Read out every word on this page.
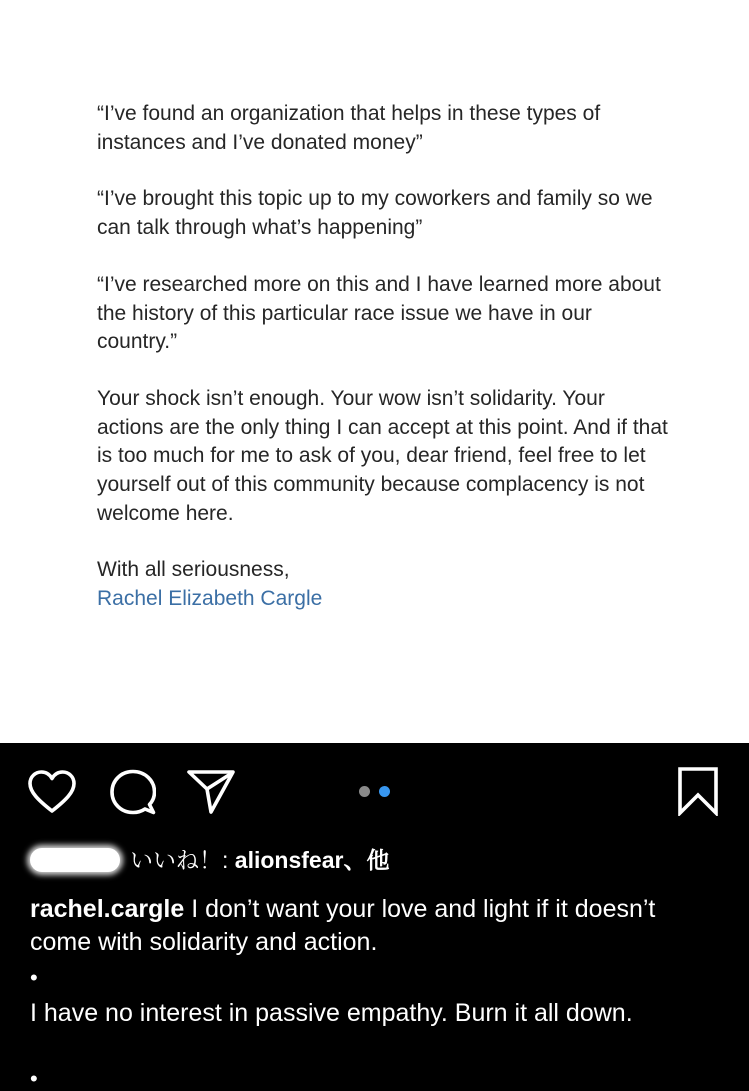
“I’ve found an organization that helps in these types of instances and I’ve donated money”

“I’ve brought this topic up to my coworkers and family so we can talk through what’s happening”

“I’ve researched more on this and I have learned more about the history of this particular race issue we have in our country.”

Your shock isn’t enough. Your wow isn’t solidarity. Your actions are the only thing I can accept at this point. And if that is too much for me to ask of you, dear friend, feel free to let yourself out of this community because complacency is not welcome here.

With all seriousness,
Rachel Elizabeth Cargle

いいね！: alionsfear、他

rachel.cargle I don’t want your love and light if it doesn’t come with solidarity and action.

•

I have no interest in passive empathy. Burn it all down.

•
